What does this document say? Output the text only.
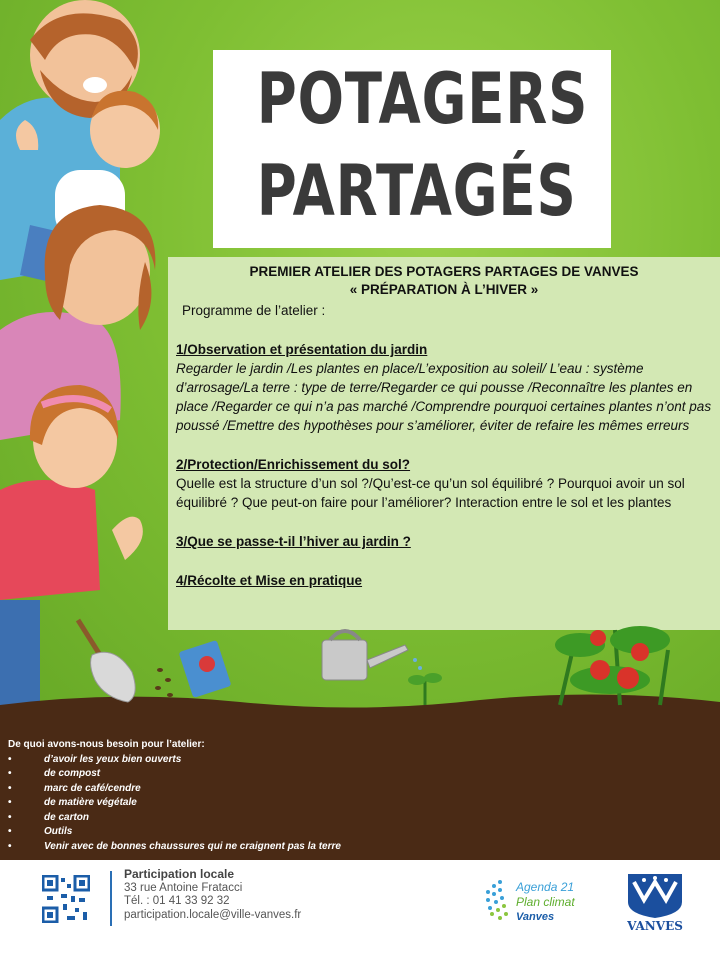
POTAGERS
PARTAGÉS
PREMIER ATELIER DES POTAGERS PARTAGES DE VANVES
« PRÉPARATION À L’HIVER »
Programme de l’atelier :
1/Observation et présentation du jardin
Regarder le jardin /Les plantes en place/L’exposition au soleil/ L’eau : système d’arrosage/La terre : type de terre/Regarder ce qui pousse /Reconnaître les plantes en place /Regarder ce qui n’a pas marché /Comprendre pourquoi certaines plantes n’ont pas poussé /Emettre des hypothèses pour s’améliorer, éviter de refaire les mêmes erreurs
2/Protection/Enrichissement du sol?
Quelle est la structure d’un sol ?/Qu’est-ce qu’un sol équilibré ? Pourquoi avoir un sol équilibré ? Que peut-on faire pour l’améliorer? Interaction entre le sol et les plantes
3/Que se passe-t-il l’hiver au jardin ?
4/Récolte et Mise en pratique
De quoi avons-nous besoin pour l’atelier:
•	d’avoir les yeux bien ouverts
•	de compost
•	marc de café/cendre
•	de matière végétale
•	de carton
•	Outils
•	Venir avec de bonnes chaussures qui ne craignent pas la terre
Participation locale
33 rue Antoine Fratacci
Tél. : 01 41 33 92 32
participation.locale@ville-vanves.fr
Agenda 21
Plan climat
Vanves
VANVES
